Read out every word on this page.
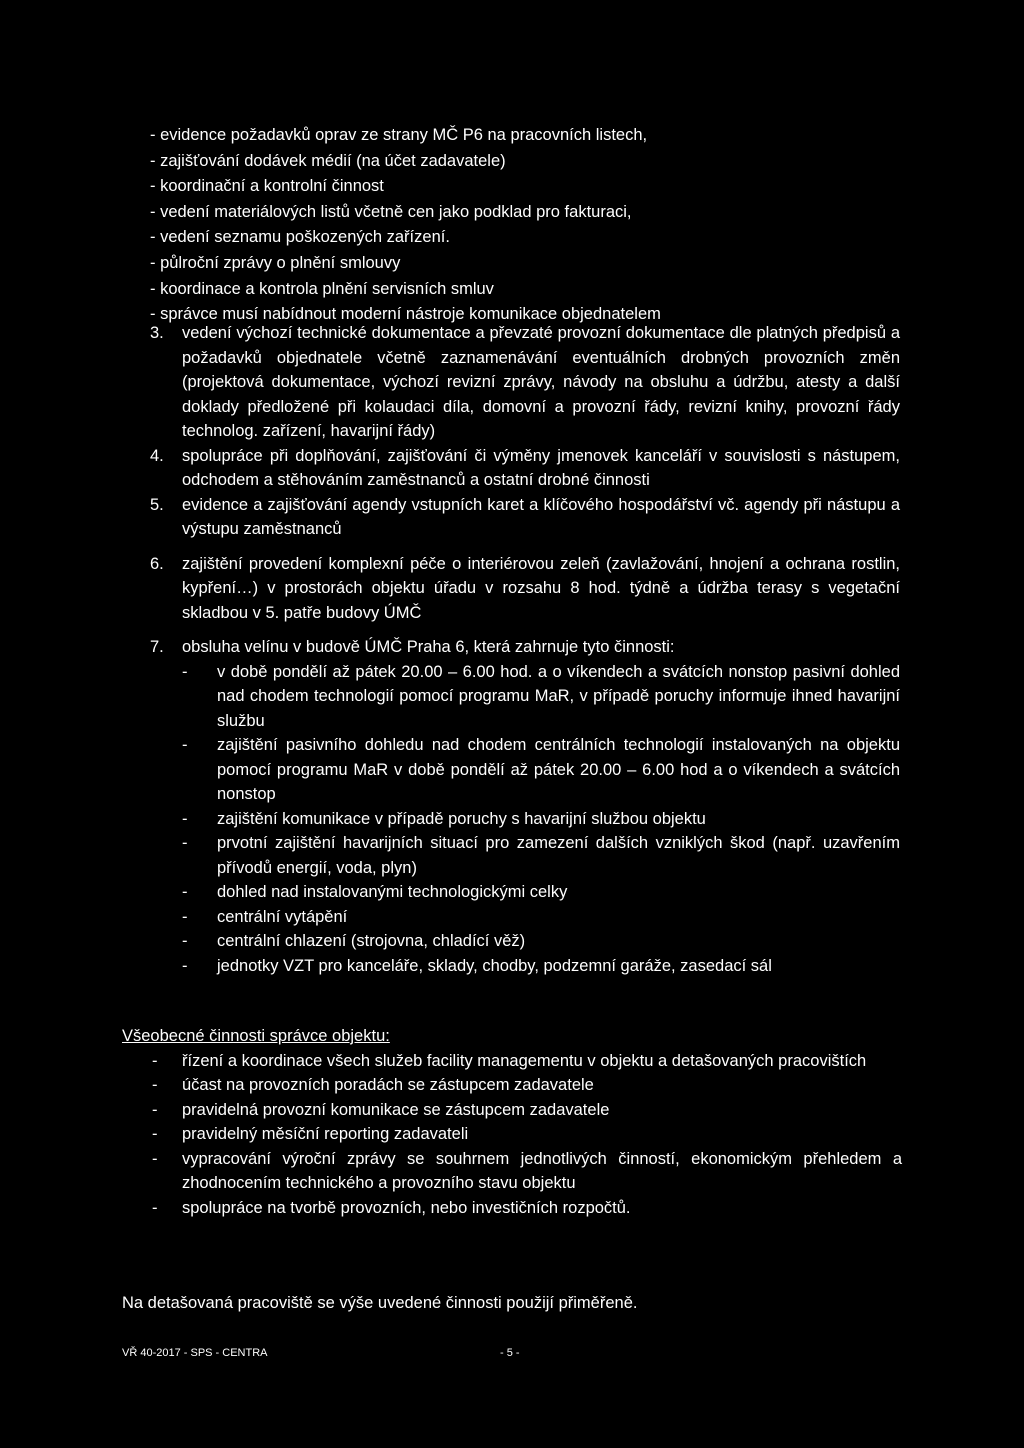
- evidence požadavků oprav ze strany MČ P6 na pracovních listech,
- zajišťování dodávek médií (na účet zadavatele)
- koordinační a kontrolní činnost
- vedení materiálových listů včetně cen jako podklad pro fakturaci,
- vedení seznamu poškozených zařízení.
- půlroční zprávy o plnění smlouvy
- koordinace a kontrola plnění servisních smluv
- správce musí nabídnout moderní nástroje komunikace objednatelem
3. vedení výchozí technické dokumentace a převzaté provozní dokumentace dle platných předpisů a požadavků objednatele včetně zaznamenávání eventuálních drobných provozních změn (projektová dokumentace, výchozí revizní zprávy, návody na obsluhu a údržbu, atesty a další doklady předložené při kolaudaci díla, domovní a provozní řády, revizní knihy, provozní řády technolog. zařízení, havarijní řády)
4. spolupráce při doplňování, zajišťování či výměny jmenovek kanceláří v souvislosti s nástupem, odchodem a stěhováním zaměstnanců a ostatní drobné činnosti
5. evidence a zajišťování agendy vstupních karet a klíčového hospodářství vč. agendy při nástupu a výstupu zaměstnanců
6. zajištění provedení komplexní péče o interiérovou zeleň (zavlažování, hnojení a ochrana rostlin, kypření…) v prostorách objektu úřadu v rozsahu 8 hod. týdně a údržba terasy s vegetační skladbou v 5. patře budovy ÚMČ
7. obsluha velínu v budově ÚMČ Praha 6, která zahrnuje tyto činnosti:
- v době pondělí až pátek 20.00 – 6.00 hod. a o víkendech a svátcích nonstop pasivní dohled nad chodem technologií pomocí programu MaR, v případě poruchy informuje ihned havarijní službu
- zajištění pasivního dohledu nad chodem centrálních technologií instalovaných na objektu pomocí programu MaR v době pondělí až pátek 20.00 – 6.00 hod a o víkendech a svátcích nonstop
- zajištění komunikace v případě poruchy s havarijní službou objektu
- prvotní zajištění havarijních situací pro zamezení dalších vzniklých škod (např. uzavřením přívodů energií, voda, plyn)
- dohled nad instalovanými technologickými celky
- centrální vytápění
- centrální chlazení (strojovna, chladící věž)
- jednotky VZT pro kanceláře, sklady, chodby, podzemní garáže, zasedací sál
Všeobecné činnosti správce objektu:
- řízení a koordinace všech služeb facility managementu v objektu a detašovaných pracovištích
- účast na provozních poradách se zástupcem zadavatele
- pravidelná provozní komunikace se zástupcem zadavatele
- pravidelný měsíční reporting zadavateli
- vypracování výroční zprávy se souhrnem jednotlivých činností, ekonomickým přehledem a zhodnocením technického a provozního stavu objektu
- spolupráce na tvorbě provozních, nebo investičních rozpočtů.
Na detašovaná pracoviště se výše uvedené činnosti použijí přiměřeně.
VŘ 40-2017 - SPS - CENTRA	- 5 -
